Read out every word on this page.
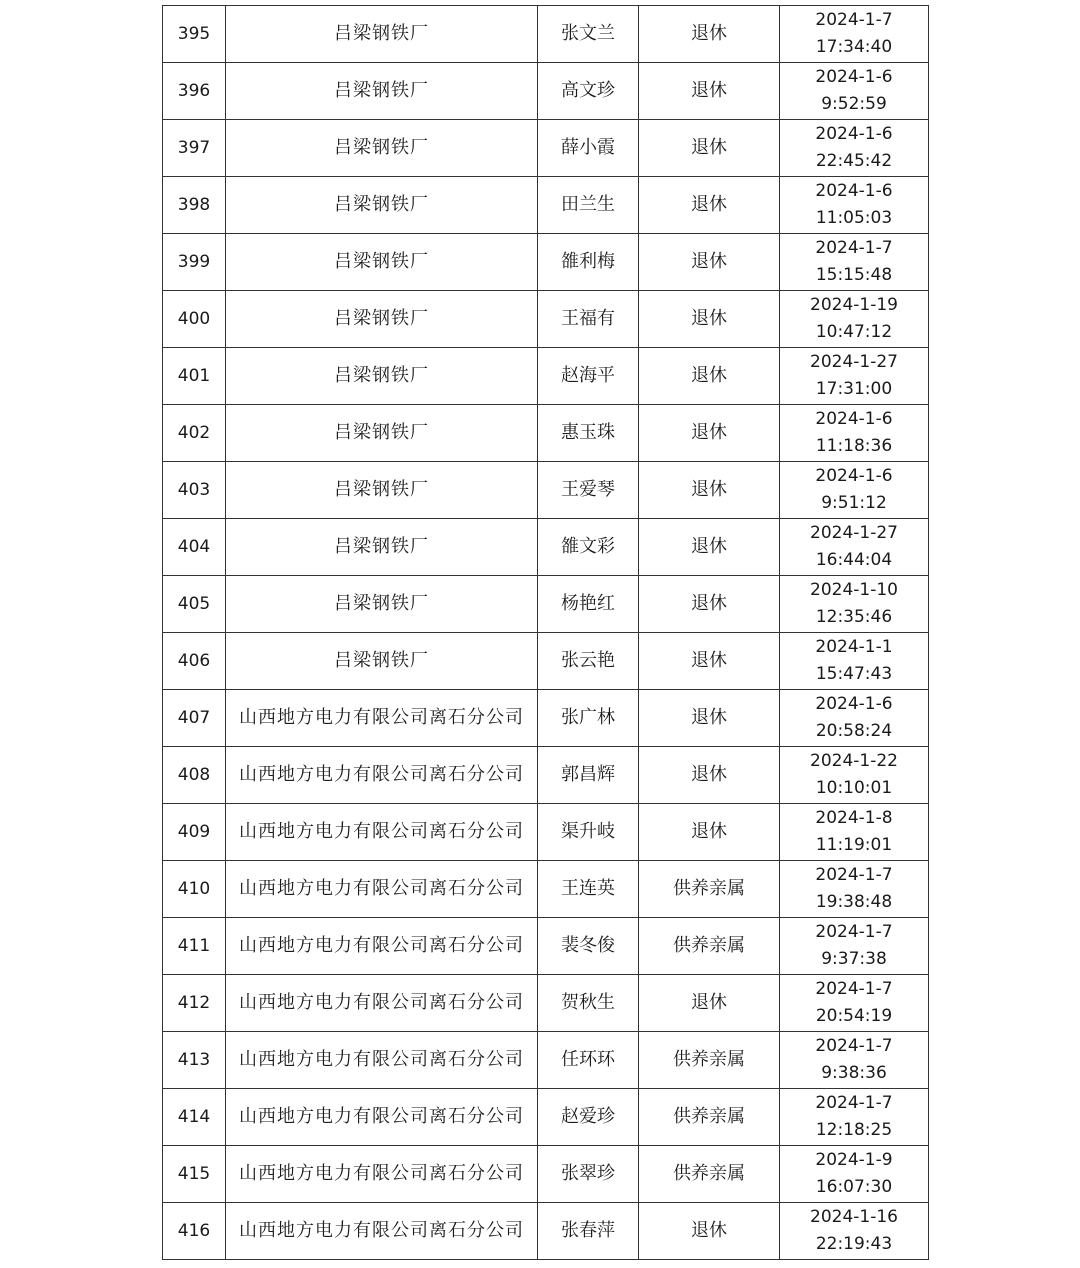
395	吕梁钢铁厂	张文兰	退休	2024-1-7
17:34:40

396	吕梁钢铁厂	高文珍	退休	2024-1-6
9:52:59

397	吕梁钢铁厂	薛小霞	退休	2024-1-6
22:45:42

398	吕梁钢铁厂	田兰生	退休	2024-1-6
11:05:03

399	吕梁钢铁厂	雒利梅	退休	2024-1-7
15:15:48

400	吕梁钢铁厂	王福有	退休	2024-1-19
10:47:12

401	吕梁钢铁厂	赵海平	退休	2024-1-27
17:31:00

402	吕梁钢铁厂	惠玉珠	退休	2024-1-6
11:18:36

403	吕梁钢铁厂	王爱琴	退休	2024-1-6
9:51:12

404	吕梁钢铁厂	雒文彩	退休	2024-1-27
16:44:04

405	吕梁钢铁厂	杨艳红	退休	2024-1-10
12:35:46

406	吕梁钢铁厂	张云艳	退休	2024-1-1
15:47:43

407	山西地方电力有限公司离石分公司	张广林	退休	2024-1-6
20:58:24

408	山西地方电力有限公司离石分公司	郭昌辉	退休	2024-1-22
10:10:01

409	山西地方电力有限公司离石分公司	渠升岐	退休	2024-1-8
11:19:01

410	山西地方电力有限公司离石分公司	王连英	供养亲属	2024-1-7
19:38:48

411	山西地方电力有限公司离石分公司	裴冬俊	供养亲属	2024-1-7
9:37:38

412	山西地方电力有限公司离石分公司	贺秋生	退休	2024-1-7
20:54:19

413	山西地方电力有限公司离石分公司	任环环	供养亲属	2024-1-7
9:38:36

414	山西地方电力有限公司离石分公司	赵爱珍	供养亲属	2024-1-7
12:18:25

415	山西地方电力有限公司离石分公司	张翠珍	供养亲属	2024-1-9
16:07:30

416	山西地方电力有限公司离石分公司	张春萍	退休	2024-1-16
22:19:43
